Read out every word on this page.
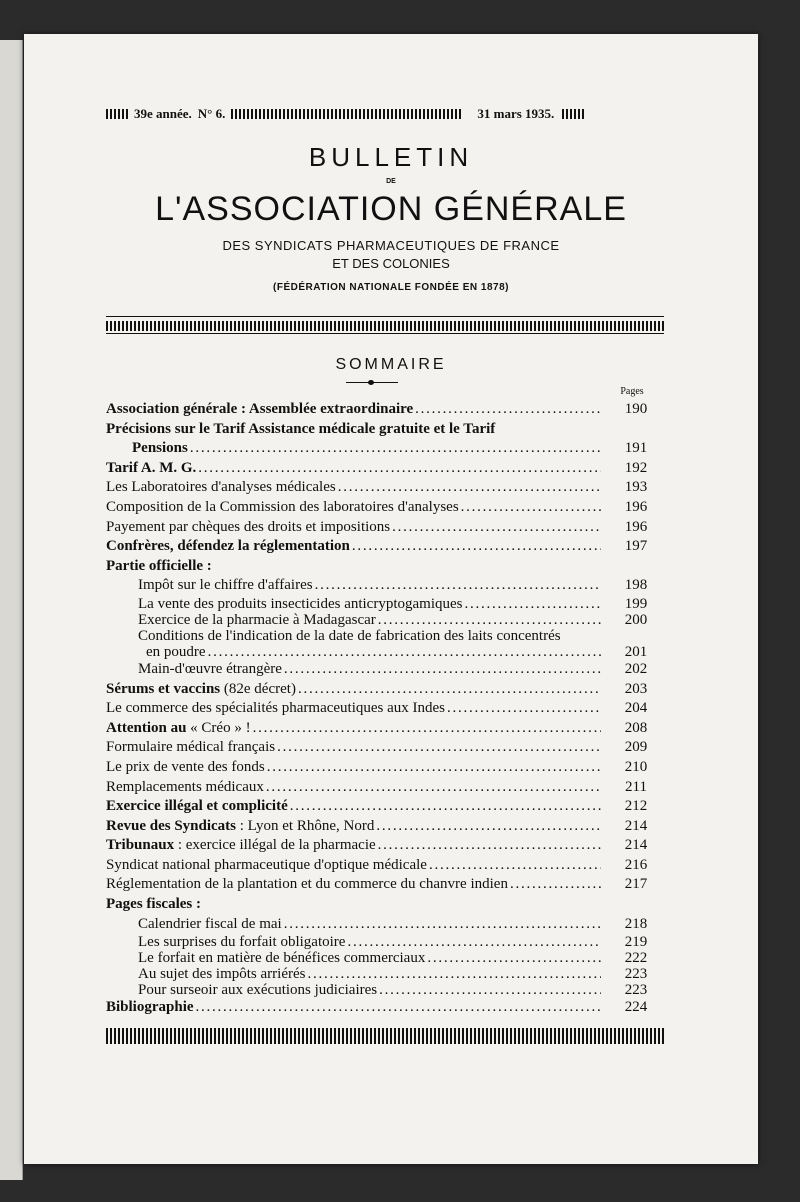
39e année. N° 6.	31 mars 1935.
BULLETIN
DE
L'ASSOCIATION GÉNÉRALE
DES SYNDICATS PHARMACEUTIQUES DE FRANCE
ET DES COLONIES
(FÉDÉRATION NATIONALE FONDÉE EN 1878)
SOMMAIRE
Pages
Association générale : Assemblée extraordinaire . . .	190
Précisions sur le Tarif Assistance médicale gratuite et le Tarif
Pensions . . .	191
Tarif A. M. G. . . .	192
Les Laboratoires d'analyses médicales . . .	193
Composition de la Commission des laboratoires d'analyses . . .	196
Payement par chèques des droits et impositions . . .	196
Confrères, défendez la réglementation . . .	197
Partie officielle :
Impôt sur le chiffre d'affaires . . .	198
La vente des produits insecticides anticryptogamiques . . .	199
Exercice de la pharmacie à Madagascar . . .	200
Conditions de l'indication de la date de fabrication des laits concentrés
en poudre . . .	201
Main-d'œuvre étrangère . . .	202
Sérums et vaccins (82e décret) . . .	203
Le commerce des spécialités pharmaceutiques aux Indes . . .	204
Attention au « Créo » ! . . .	208
Formulaire médical français . . .	209
Le prix de vente des fonds . . .	210
Remplacements médicaux . . .	211
Exercice illégal et complicité . . .	212
Revue des Syndicats : Lyon et Rhône, Nord . . .	214
Tribunaux : exercice illégal de la pharmacie . . .	214
Syndicat national pharmaceutique d'optique médicale . . .	216
Réglementation de la plantation et du commerce du chanvre indien . . .	217
Pages fiscales :
Calendrier fiscal de mai . . .	218
Les surprises du forfait obligatoire . . .	219
Le forfait en matière de bénéfices commerciaux . . .	222
Au sujet des impôts arriérés . . .	223
Pour surseoir aux exécutions judiciaires . . .	223
Bibliographie . . .	224
